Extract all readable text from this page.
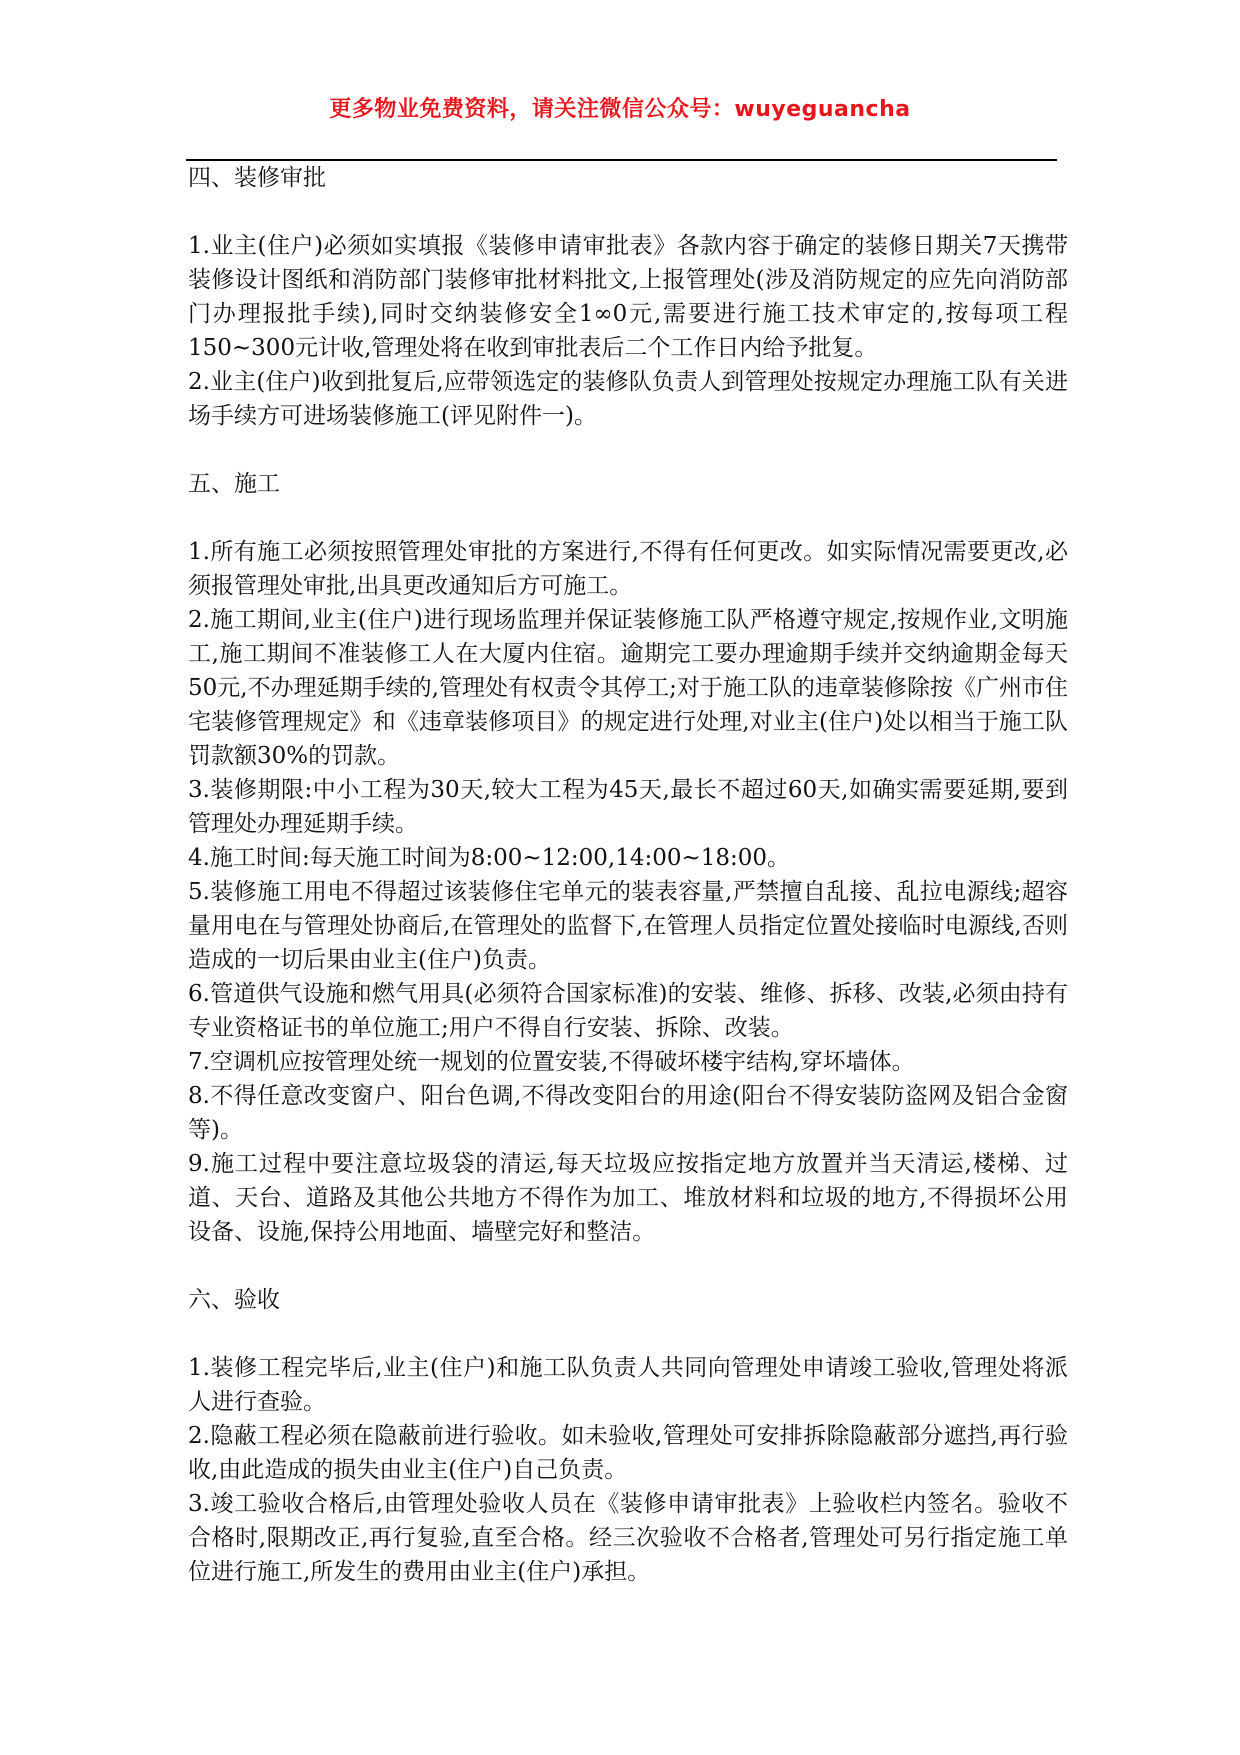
更多物业免费资料，请关注微信公众号：wuyeguancha

四、装修审批

1.业主(住户)必须如实填报《装修申请审批表》各款内容于确定的装修日期关7天携带装修设计图纸和消防部门装修审批材料批文,上报管理处(涉及消防规定的应先向消防部门办理报批手续),同时交纳装修安全1∞0元,需要进行施工技术审定的,按每项工程150~300元计收,管理处将在收到审批表后二个工作日内给予批复。

2.业主(住户)收到批复后,应带领选定的装修队负责人到管理处按规定办理施工队有关进场手续方可进场装修施工(评见附件一)。

五、施工

1.所有施工必须按照管理处审批的方案进行,不得有任何更改。如实际情况需要更改,必须报管理处审批,出具更改通知后方可施工。

2.施工期间,业主(住户)进行现场监理并保证装修施工队严格遵守规定,按规作业,文明施工,施工期间不准装修工人在大厦内住宿。逾期完工要办理逾期手续并交纳逾期金每天50元,不办理延期手续的,管理处有权责令其停工;对于施工队的违章装修除按《广州市住宅装修管理规定》和《违章装修项目》的规定进行处理,对业主(住户)处以相当于施工队罚款额30%的罚款。

3.装修期限:中小工程为30天,较大工程为45天,最长不超过60天,如确实需要延期,要到管理处办理延期手续。

4.施工时间:每天施工时间为8:00~12:00,14:00~18:00。

5.装修施工用电不得超过该装修住宅单元的装表容量,严禁擅自乱接、乱拉电源线;超容量用电在与管理处协商后,在管理处的监督下,在管理人员指定位置处接临时电源线,否则造成的一切后果由业主(住户)负责。

6.管道供气设施和燃气用具(必须符合国家标准)的安装、维修、拆移、改装,必须由持有专业资格证书的单位施工;用户不得自行安装、拆除、改装。

7.空调机应按管理处统一规划的位置安装,不得破坏楼宇结构,穿坏墙体。

8.不得任意改变窗户、阳台色调,不得改变阳台的用途(阳台不得安装防盗网及铝合金窗等)。

9.施工过程中要注意垃圾袋的清运,每天垃圾应按指定地方放置并当天清运,楼梯、过道、天台、道路及其他公共地方不得作为加工、堆放材料和垃圾的地方,不得损坏公用设备、设施,保持公用地面、墙壁完好和整洁。

六、验收

1.装修工程完毕后,业主(住户)和施工队负责人共同向管理处申请竣工验收,管理处将派人进行查验。

2.隐蔽工程必须在隐蔽前进行验收。如未验收,管理处可安排拆除隐蔽部分遮挡,再行验收,由此造成的损失由业主(住户)自己负责。

3.竣工验收合格后,由管理处验收人员在《装修申请审批表》上验收栏内签名。验收不合格时,限期改正,再行复验,直至合格。经三次验收不合格者,管理处可另行指定施工单位进行施工,所发生的费用由业主(住户)承担。
